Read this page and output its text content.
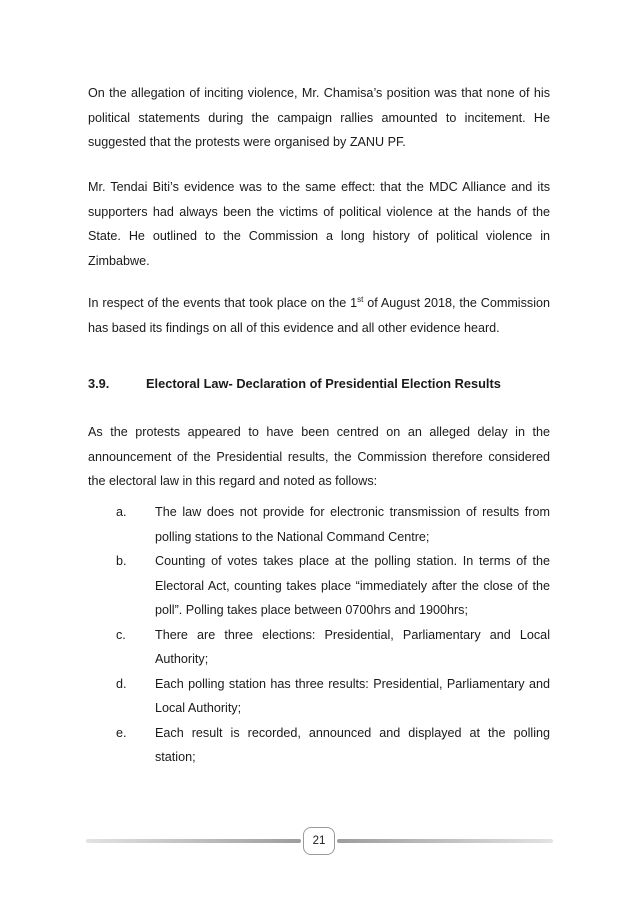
On the allegation of inciting violence, Mr. Chamisa’s position was that none of his political statements during the campaign rallies amounted to incitement. He suggested that the protests were organised by ZANU PF.

Mr. Tendai Biti’s evidence was to the same effect: that the MDC Alliance and its supporters had always been the victims of political violence at the hands of the State. He outlined to the Commission a long history of political violence in Zimbabwe.

In respect of the events that took place on the 1st of August 2018, the Commission has based its findings on all of this evidence and all other evidence heard.

3.9.	Electoral Law- Declaration of Presidential Election Results

As the protests appeared to have been centred on an alleged delay in the announcement of the Presidential results, the Commission therefore considered the electoral law in this regard and noted as follows:

a. The law does not provide for electronic transmission of results from polling stations to the National Command Centre;
b. Counting of votes takes place at the polling station. In terms of the Electoral Act, counting takes place “immediately after the close of the poll”. Polling takes place between 0700hrs and 1900hrs;
c. There are three elections: Presidential, Parliamentary and Local Authority;
d. Each polling station has three results: Presidential, Parliamentary and Local Authority;
e. Each result is recorded, announced and displayed at the polling station;
21
